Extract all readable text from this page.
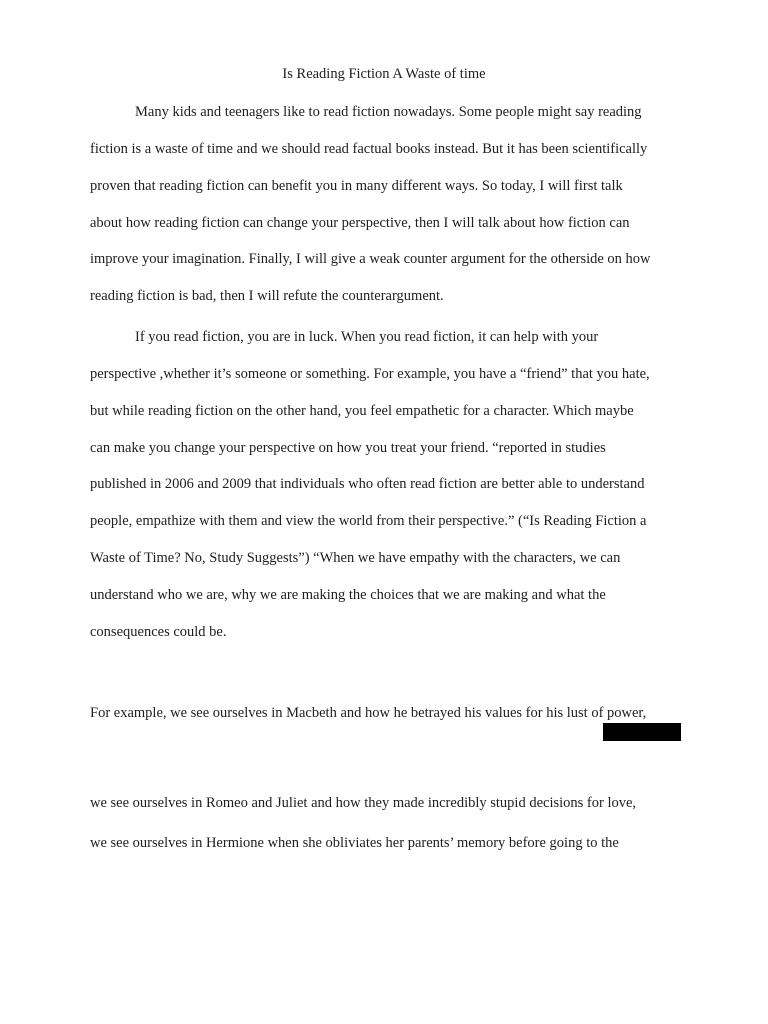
Is Reading Fiction A Waste of time
Many kids and teenagers like to read fiction nowadays. Some people might say reading
fiction is a waste of time and we should read factual books instead. But it has been scientifically
proven that reading fiction can benefit you in many different ways. So today, I will first talk
about how reading fiction can change your perspective, then I will talk about how fiction can
improve your imagination. Finally, I will give a weak counter argument for the otherside on how
reading fiction is bad, then I will refute the counterargument.
If you read fiction, you are in luck. When you read fiction, it can help with your
perspective ,whether it’s someone or something. For example, you have a “friend” that you hate,
but while reading fiction on the other hand, you feel empathetic for a character. Which maybe
can make you change your perspective on how you treat your friend. “reported in studies
published in 2006 and 2009 that individuals who often read fiction are better able to understand
people, empathize with them and view the world from their perspective.” (“Is Reading Fiction a
Waste of Time? No, Study Suggests”) “When we have empathy with the characters, we can
understand who we are, why we are making the choices that we are making and what the
consequences could be.
For example, we see ourselves in Macbeth and how he betrayed his values for his lust of power,
we see ourselves in Romeo and Juliet and how they made incredibly stupid decisions for love,
we see ourselves in Hermione when she obliviates her parents’ memory before going to the
